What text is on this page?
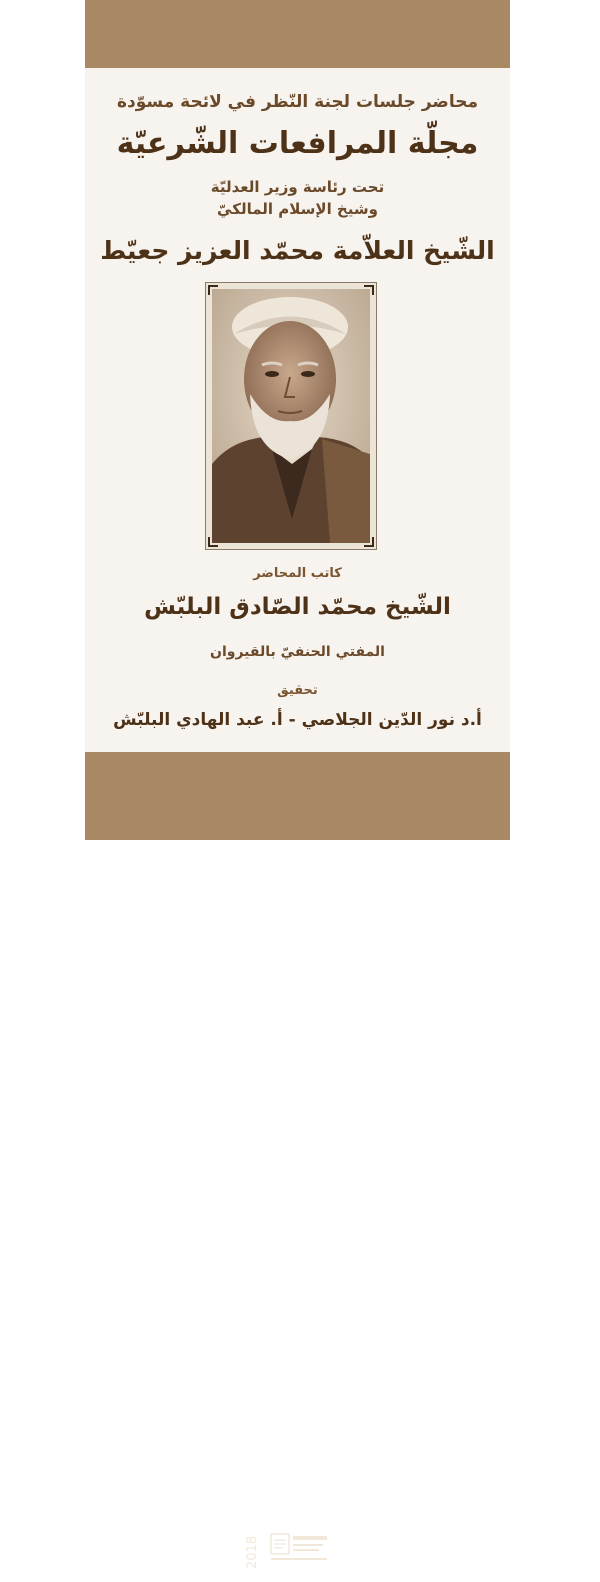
محاضر جلسات لجنة النّظر في لائحة مسوّدة
مجلّة المرافعات الشّرعيّة
تحت رئاسة وزير العدليّة
وشيخ الإسلام المالكيّ
الشّيخ العلاّمة محمّد العزيز جعيّط
كاتب المحاضر
الشّيخ محمّد الصّادق البلبّش
المفتي الحنفيّ بالقيروان
تحقيق
أ.د نور الدّين الجلاصي - أ. عبد الهادي البلبّش
2018
